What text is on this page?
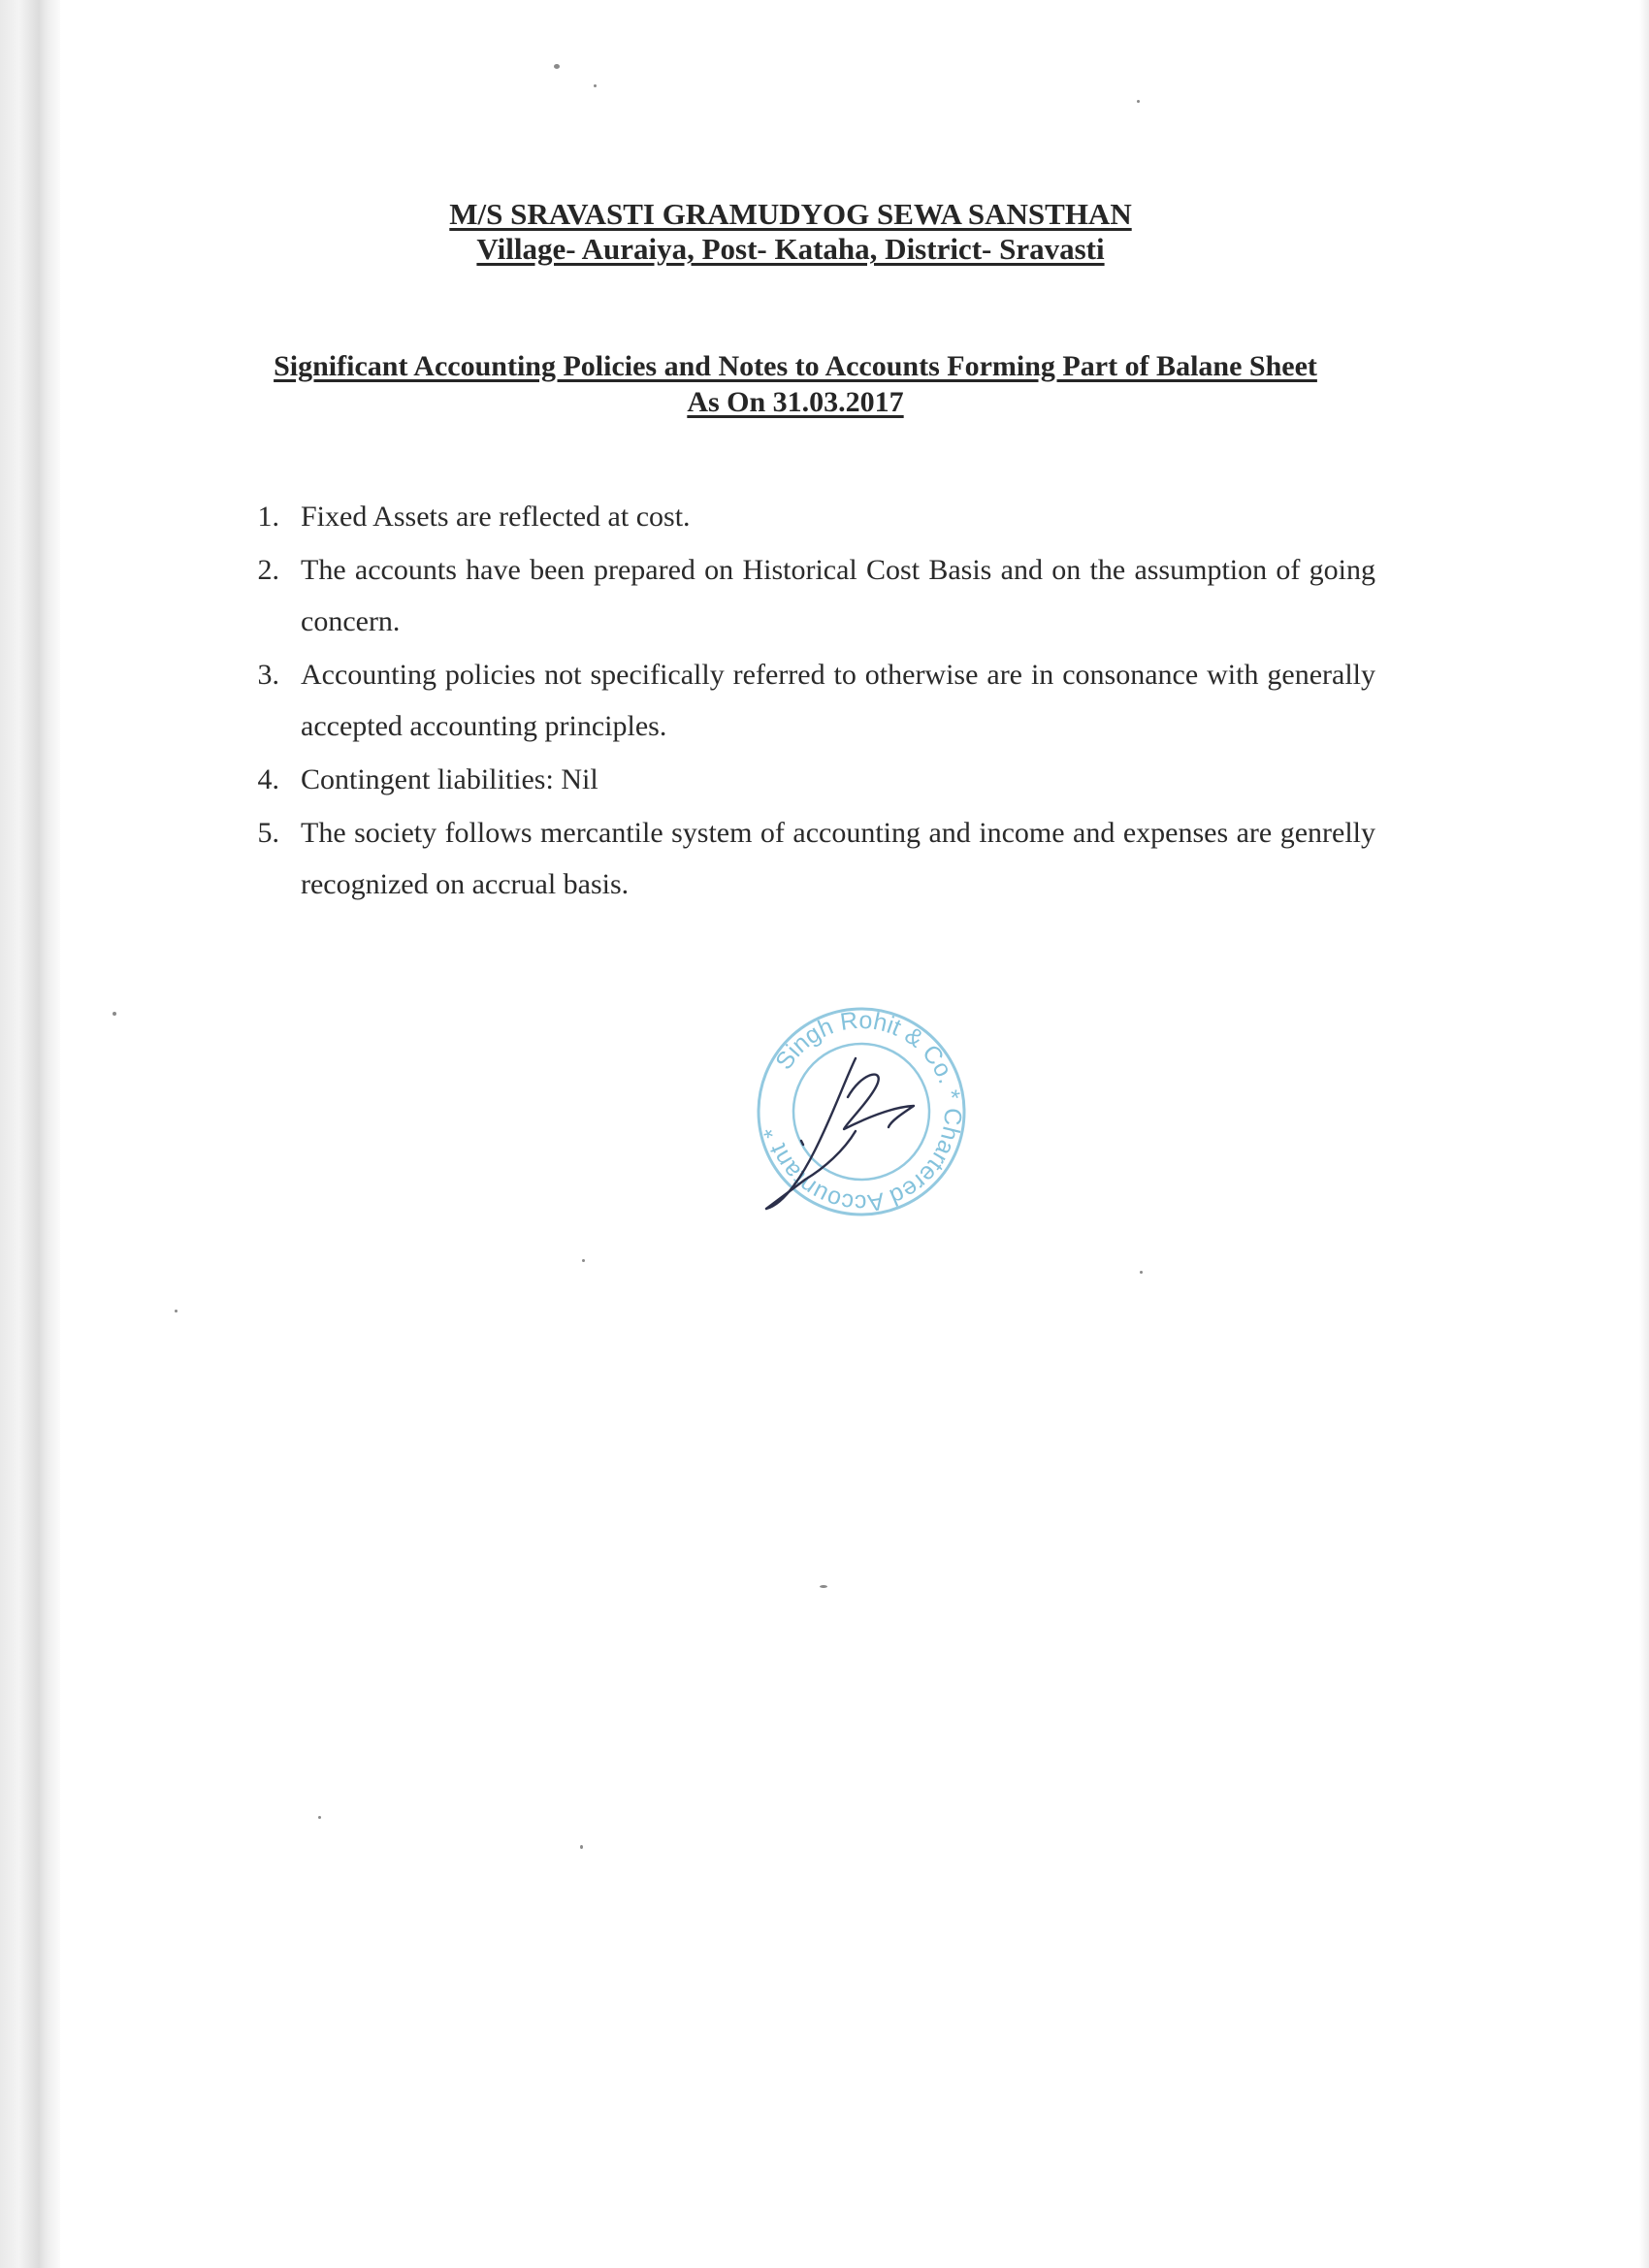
M/S SRAVASTI GRAMUDYOG SEWA SANSTHAN
Village- Auraiya, Post- Kataha, District- Sravasti
Significant Accounting Policies and Notes to Accounts Forming Part of Balane Sheet
As On 31.03.2017
1. Fixed Assets are reflected at cost.
2. The accounts have been prepared on Historical Cost Basis and on the assumption of going concern.
3. Accounting policies not specifically referred to otherwise are in consonance with generally accepted accounting principles.
4. Contingent liabilities: Nil
5. The society follows mercantile system of accounting and income and expenses are genrelly recognized on accrual basis.
Singh Rohit & Co. * Chartered Accountant *
